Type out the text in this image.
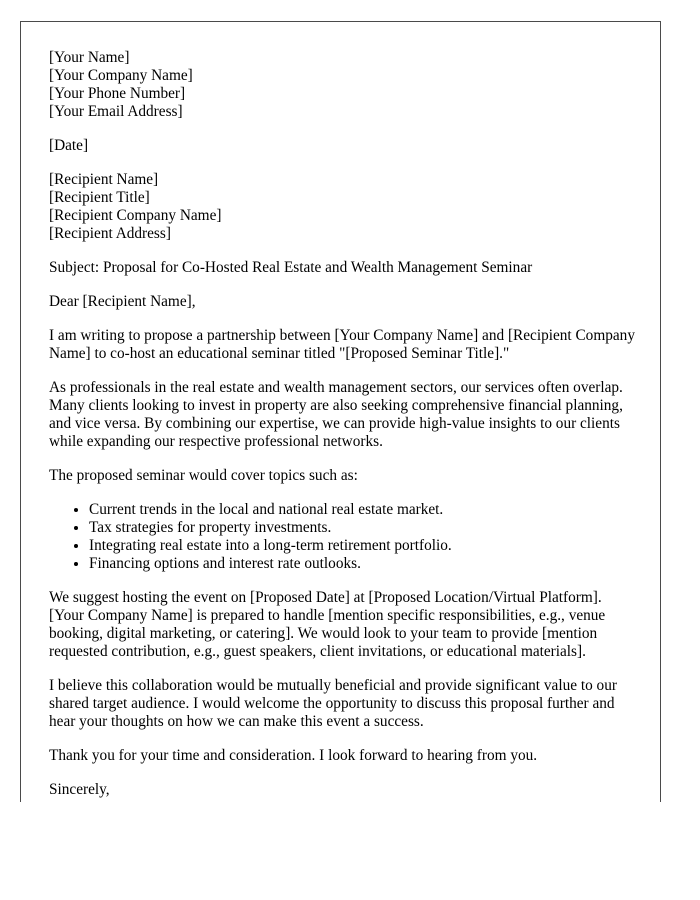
[Your Name]
[Your Company Name]
[Your Phone Number]
[Your Email Address]
[Date]
[Recipient Name]
[Recipient Title]
[Recipient Company Name]
[Recipient Address]

Subject: Proposal for Co-Hosted Real Estate and Wealth Management Seminar

Dear [Recipient Name],

I am writing to propose a partnership between [Your Company Name] and [Recipient Company Name] to co-host an educational seminar titled "[Proposed Seminar Title]."

As professionals in the real estate and wealth management sectors, our services often overlap. Many clients looking to invest in property are also seeking comprehensive financial planning, and vice versa. By combining our expertise, we can provide high-value insights to our clients while expanding our respective professional networks.

The proposed seminar would cover topics such as:

• Current trends in the local and national real estate market.
• Tax strategies for property investments.
• Integrating real estate into a long-term retirement portfolio.
• Financing options and interest rate outlooks.

We suggest hosting the event on [Proposed Date] at [Proposed Location/Virtual Platform]. [Your Company Name] is prepared to handle [mention specific responsibilities, e.g., venue booking, digital marketing, or catering]. We would look to your team to provide [mention requested contribution, e.g., guest speakers, client invitations, or educational materials].

I believe this collaboration would be mutually beneficial and provide significant value to our shared target audience. I would welcome the opportunity to discuss this proposal further and hear your thoughts on how we can make this event a success.

Thank you for your time and consideration. I look forward to hearing from you.

Sincerely,
